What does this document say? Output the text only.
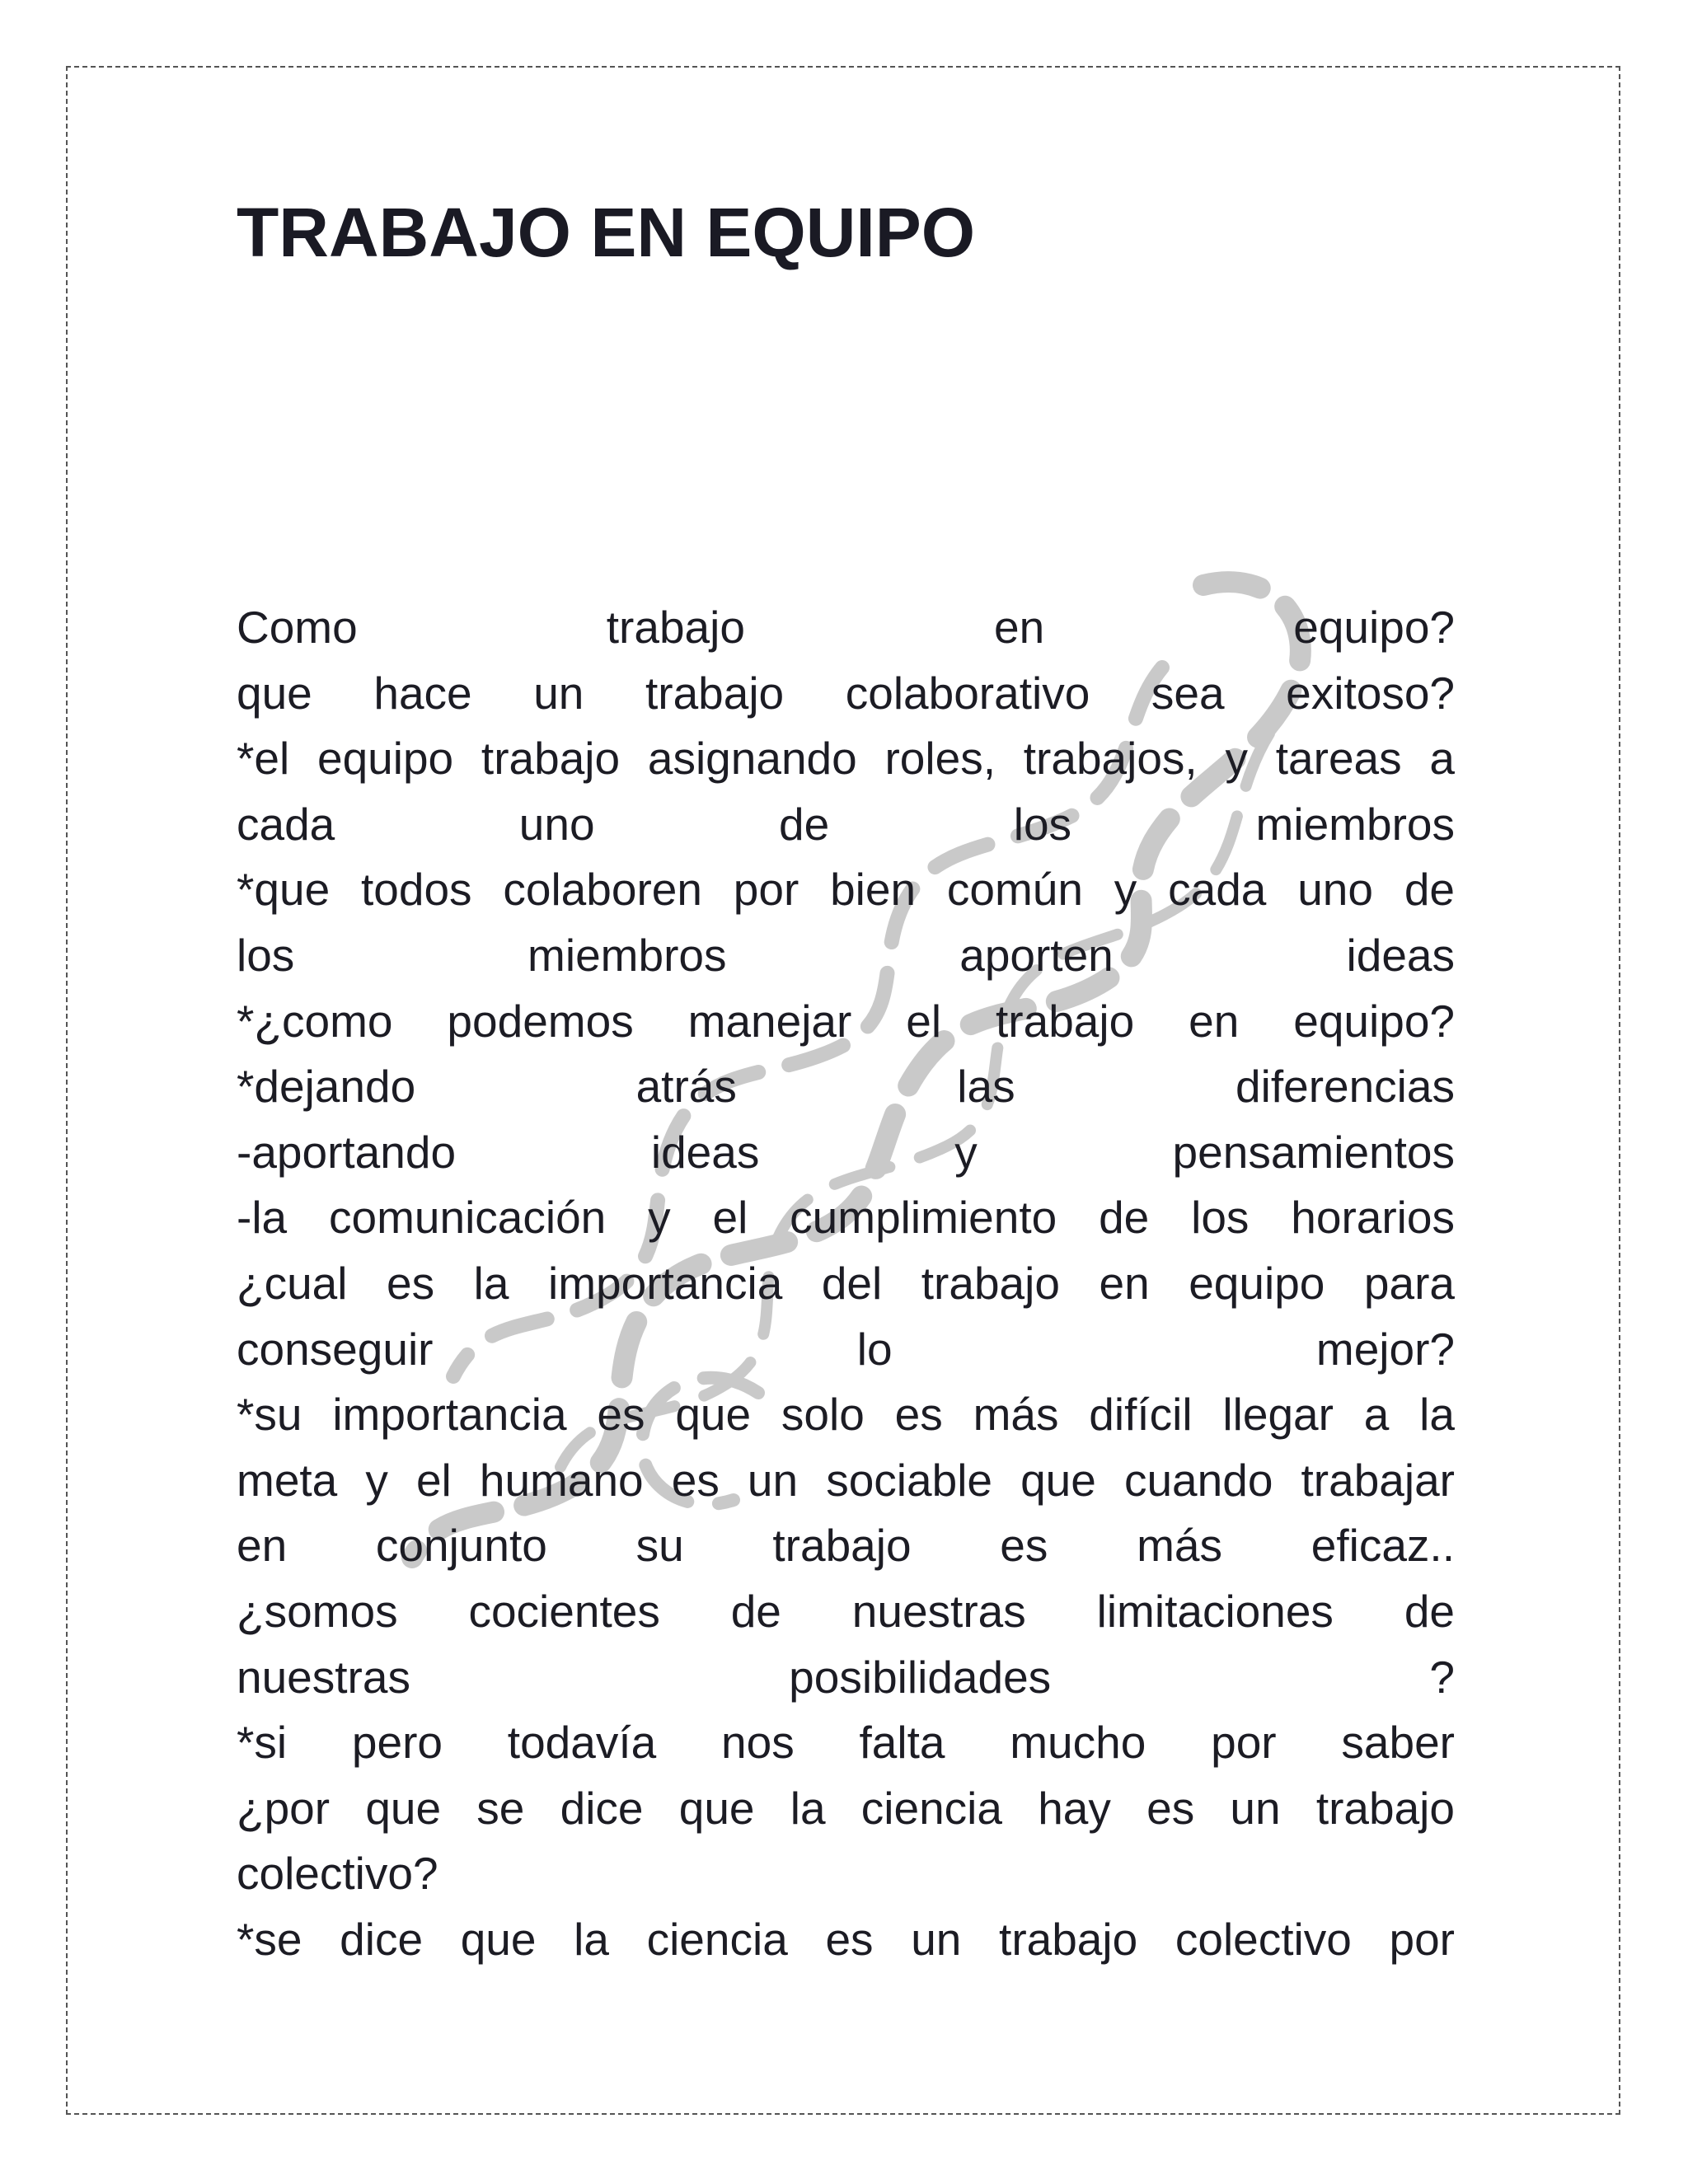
TRABAJO EN EQUIPO
Como trabajo en equipo?
que hace un trabajo colaborativo sea exitoso?
*el equipo trabajo asignando roles, trabajos, y tareas a
cada uno de los miembros
*que todos colaboren por bien común y cada uno de
los miembros aporten ideas
*¿como podemos manejar el trabajo en equipo?
*dejando atrás las diferencias
-aportando ideas y pensamientos
-la comunicación y el cumplimiento de los horarios
¿cual es la importancia del trabajo en equipo para
conseguir lo mejor?
*su importancia es que solo es más difícil llegar a la
meta y el humano es un sociable que cuando trabajar
en conjunto su trabajo es más eficaz..
¿somos cocientes de nuestras limitaciones de
nuestras posibilidades ?
*si pero todavía nos falta mucho por saber
¿por que se dice que la ciencia hay es un trabajo
colectivo?
*se dice que la ciencia es un trabajo colectivo por
